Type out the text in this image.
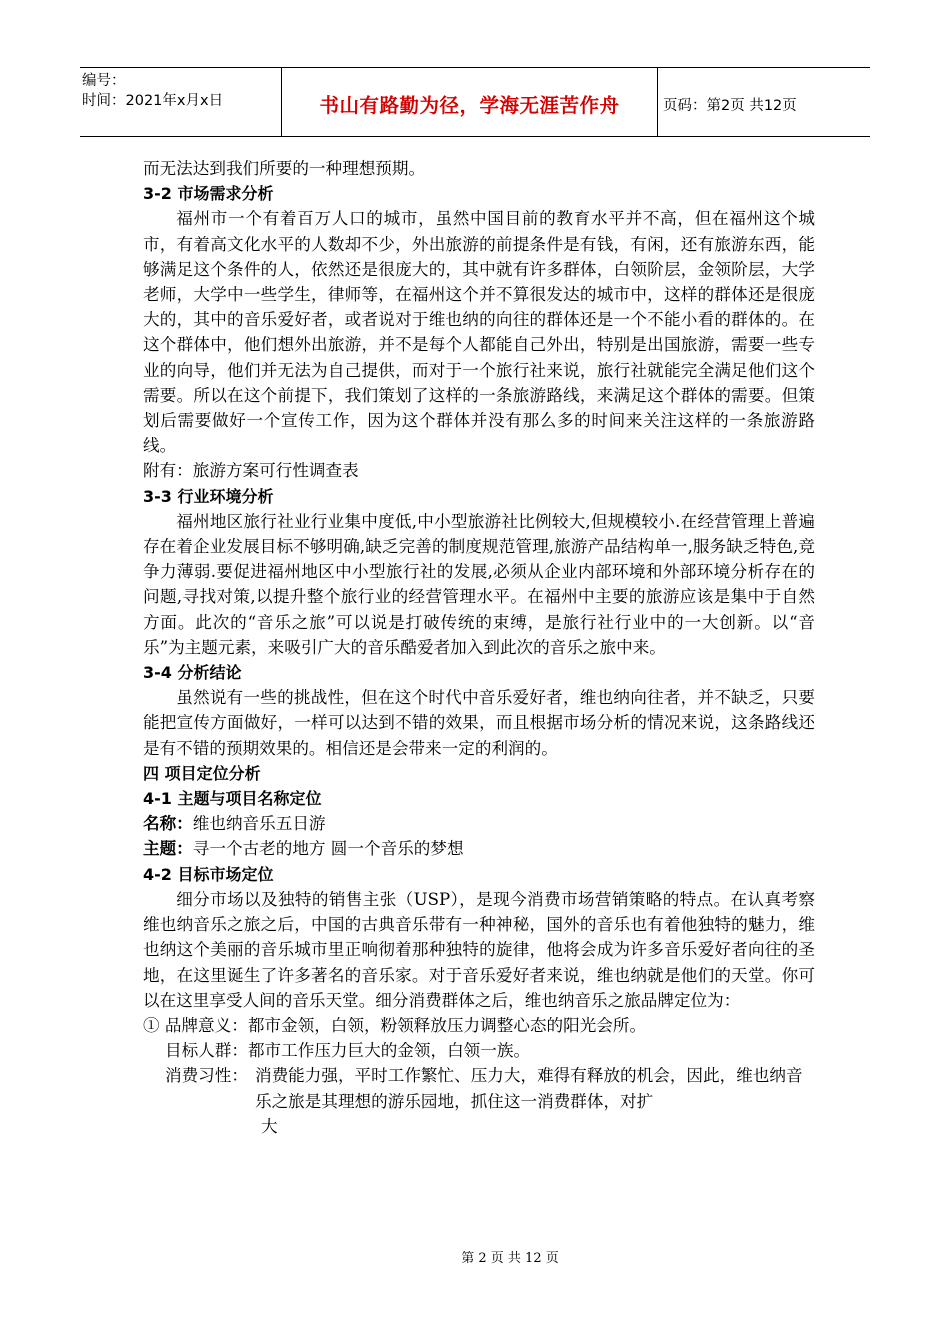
编号：
时间：2021年x月x日	书山有路勤为径，学海无涯苦作舟	页码：第2页 共12页

而无法达到我们所要的一种理想预期。

3-2 市场需求分析

福州市一个有着百万人口的城市，虽然中国目前的教育水平并不高，但在福州这个城市，有着高文化水平的人数却不少，外出旅游的前提条件是有钱，有闲，还有旅游东西，能够满足这个条件的人，依然还是很庞大的，其中就有许多群体，白领阶层，金领阶层，大学老师，大学中一些学生，律师等，在福州这个并不算很发达的城市中，这样的群体还是很庞大的，其中的音乐爱好者，或者说对于维也纳的向往的群体还是一个不能小看的群体的。在这个群体中，他们想外出旅游，并不是每个人都能自己外出，特别是出国旅游，需要一些专业的向导，他们并无法为自己提供，而对于一个旅行社来说，旅行社就能完全满足他们这个需要。所以在这个前提下，我们策划了这样的一条旅游路线，来满足这个群体的需要。但策划后需要做好一个宣传工作，因为这个群体并没有那么多的时间来关注这样的一条旅游路线。

附有：旅游方案可行性调查表

3-3 行业环境分析

福州地区旅行社业行业集中度低,中小型旅游社比例较大,但规模较小.在经营管理上普遍存在着企业发展目标不够明确,缺乏完善的制度规范管理,旅游产品结构单一,服务缺乏特色,竞争力薄弱.要促进福州地区中小型旅行社的发展,必须从企业内部环境和外部环境分析存在的问题,寻找对策,以提升整个旅行业的经营管理水平。在福州中主要的旅游应该是集中于自然方面。此次的“音乐之旅”可以说是打破传统的束缚，是旅行社行业中的一大创新。以“音乐”为主题元素，来吸引广大的音乐酷爱者加入到此次的音乐之旅中来。

3-4 分析结论

虽然说有一些的挑战性，但在这个时代中音乐爱好者，维也纳向往者，并不缺乏，只要能把宣传方面做好，一样可以达到不错的效果，而且根据市场分析的情况来说，这条路线还是有不错的预期效果的。相信还是会带来一定的利润的。

四 项目定位分析

4-1 主题与项目名称定位

名称：维也纳音乐五日游

主题：寻一个古老的地方 圆一个音乐的梦想

4-2 目标市场定位

细分市场以及独特的销售主张（USP），是现今消费市场营销策略的特点。在认真考察维也纳音乐之旅之后，中国的古典音乐带有一种神秘，国外的音乐也有着他独特的魅力，维也纳这个美丽的音乐城市里正响彻着那种独特的旋律，他将会成为许多音乐爱好者向往的圣地，在这里诞生了许多著名的音乐家。对于音乐爱好者来说，维也纳就是他们的天堂。你可以在这里享受人间的音乐天堂。细分消费群体之后，维也纳音乐之旅品牌定位为：

① 品牌意义： 都市金领，白领，粉领释放压力调整心态的阳光会所。
目标人群： 都市工作压力巨大的金领，白领一族。
消费习性： 消费能力强，平时工作繁忙、压力大，难得有释放的机会，因此，维也纳音乐之旅是其理想的游乐园地，抓住这一消费群体，对扩

大

第 2 页 共 12 页
